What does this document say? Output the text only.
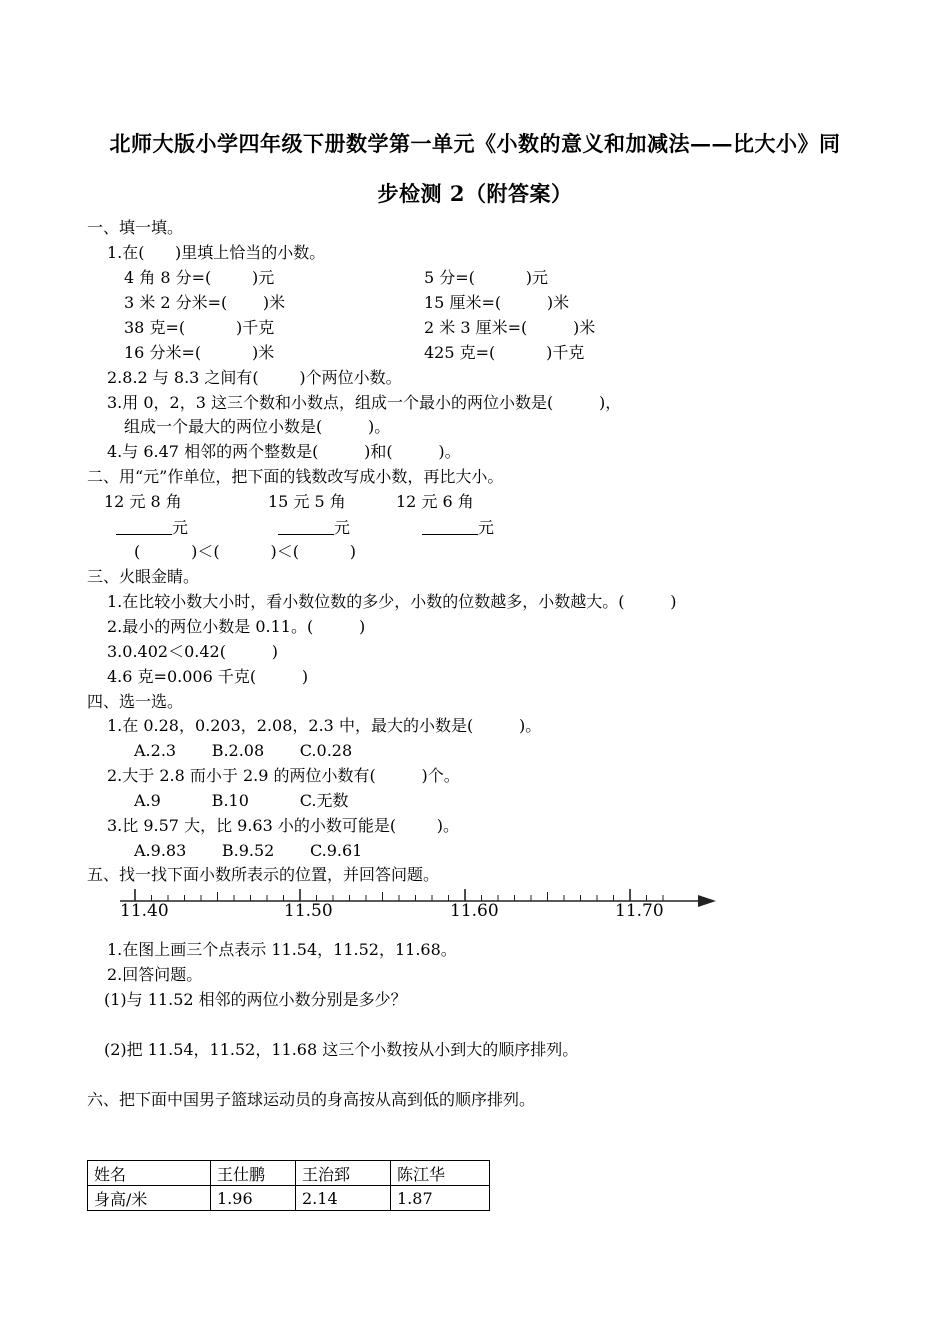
北师大版小学四年级下册数学第一单元《小数的意义和加减法——比大小》同
步检测 2（附答案）
一、填一填。
1.在(      )里填上恰当的小数。
4 角 8 分=(        )元	5 分=(          )元
3 米 2 分米=(       )米	15 厘米=(         )米
38 克=(          )千克	2 米 3 厘米=(         )米
16 分米=(          )米	425 克=(          )千克
2.8.2 与 8.3 之间有(        )个两位小数。
3.用 0，2，3 这三个数和小数点，组成一个最小的两位小数是(         )，
组成一个最大的两位小数是(         )。
4.与 6.47 相邻的两个整数是(         )和(         )。
二、用“元”作单位，把下面的钱数改写成小数，再比大小。
12 元 8 角	15 元 5 角	12 元 6 角
元	元	元
(          )＜(          )＜(          )
三、火眼金睛。
1.在比较小数大小时，看小数位数的多少，小数的位数越多，小数越大。(         )
2.最小的两位小数是 0.11。(         )
3.0.402＜0.42(         )
4.6 克=0.006 千克(         )
四、选一选。
1.在 0.28，0.203，2.08，2.3 中，最大的小数是(         )。
A.2.3       B.2.08       C.0.28
2.大于 2.8 而小于 2.9 的两位小数有(         )个。
A.9          B.10          C.无数
3.比 9.57 大，比 9.63 小的小数可能是(        )。
A.9.83       B.9.52       C.9.61
五、找一找下面小数所表示的位置，并回答问题。
11.40	11.50	11.60	11.70
1.在图上画三个点表示 11.54，11.52，11.68。
2.回答问题。
(1)与 11.52 相邻的两位小数分别是多少？
(2)把 11.54，11.52，11.68 这三个小数按从小到大的顺序排列。
六、把下面中国男子篮球运动员的身高按从高到低的顺序排列。
姓名	王仕鹏	王治郅	陈江华
身高/米	1.96	2.14	1.87
